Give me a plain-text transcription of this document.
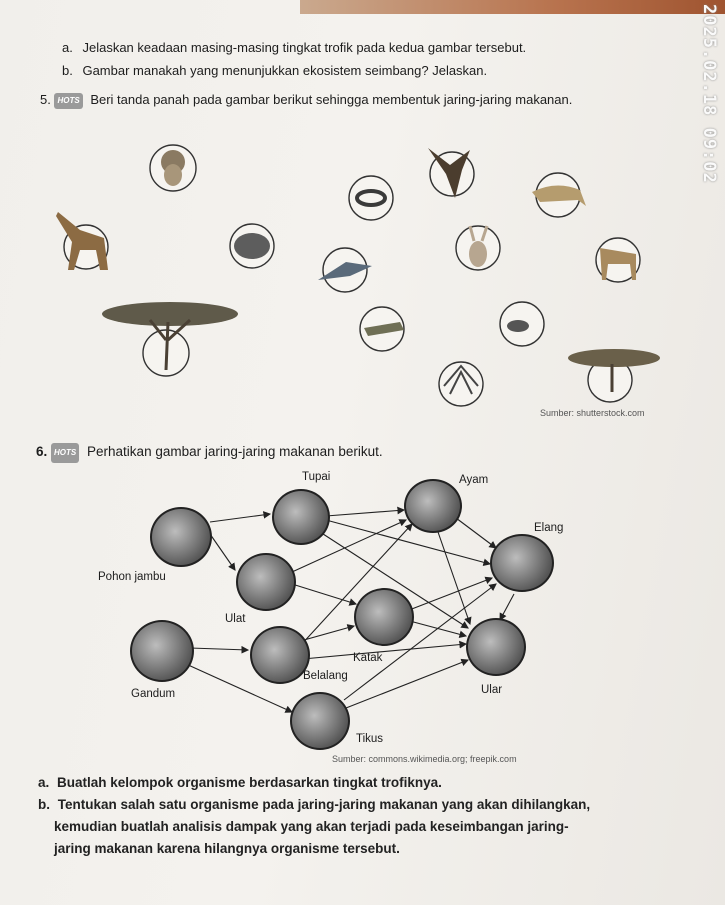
2025.02.18 09:02
a. Jelaskan keadaan masing-masing tingkat trofik pada kedua gambar tersebut.
b. Gambar manakah yang menunjukkan ekosistem seimbang? Jelaskan.
5. HOTS Beri tanda panah pada gambar berikut sehingga membentuk jaring-jaring makanan.
Sumber: shutterstock.com
6. HOTS Perhatikan gambar jaring-jaring makanan berikut.
Tupai	Ayam
Elang
Pohon jambu
Ulat
Katak
Belalang
Gandum	Ular
Tikus
Sumber: commons.wikimedia.org; freepik.com
a. Buatlah kelompok organisme berdasarkan tingkat trofiknya.
b. Tentukan salah satu organisme pada jaring-jaring makanan yang akan dihilangkan,
kemudian buatlah analisis dampak yang akan terjadi pada keseimbangan jaring-
jaring makanan karena hilangnya organisme tersebut.
